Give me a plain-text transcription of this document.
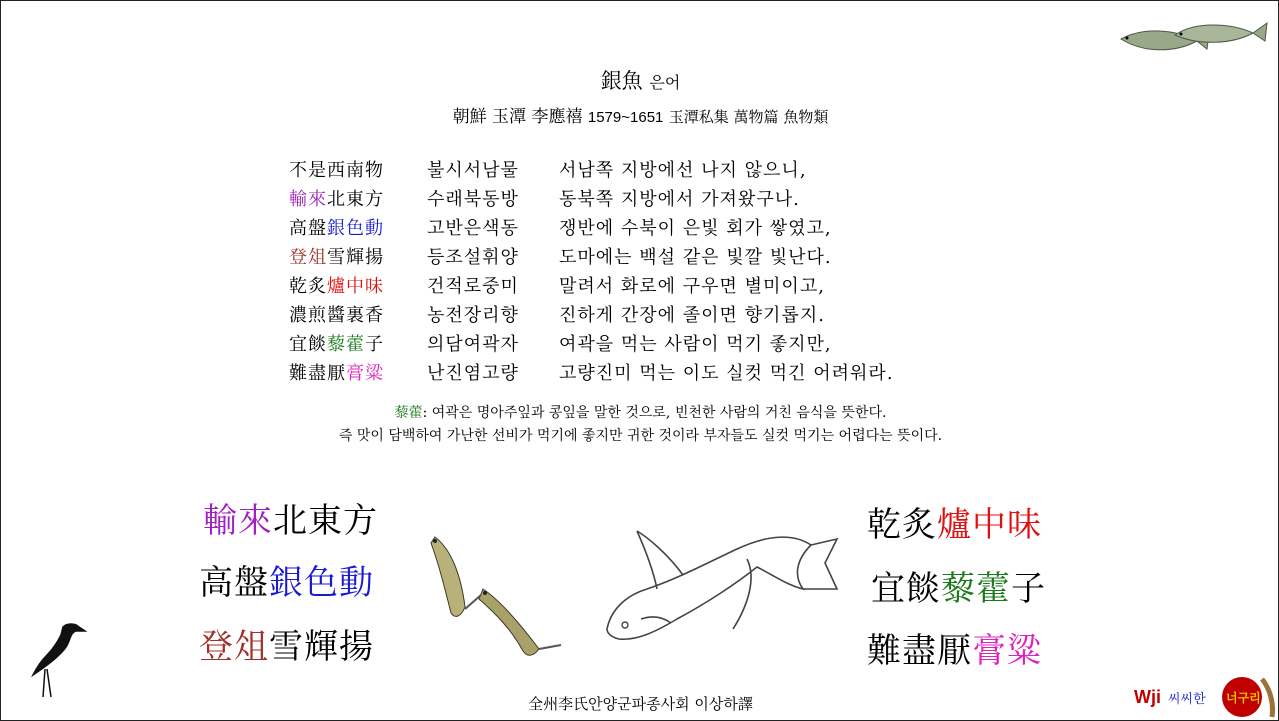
銀魚 은어
朝鮮 玉潭 李應禧 1579~1651 玉潭私集 萬物篇 魚物類
不是西南物 불시서남물 서남쪽 지방에선 나지 않으니,
輸來北東方 수래북동방 동북쪽 지방에서 가져왔구나.
高盤銀色動 고반은색동 쟁반에 수북이 은빛 회가 쌓였고,
登俎雪輝揚 등조설휘양 도마에는 백설 같은 빛깔 빛난다.
乾炙爐中味 건적로중미 말려서 화로에 구우면 별미이고,
濃煎醬裏香 농전장리향 진하게 간장에 졸이면 향기롭지.
宜餤藜藿子 의담여곽자 여곽을 먹는 사람이 먹기 좋지만,
難盡厭膏粱 난진염고량 고량진미 먹는 이도 실컷 먹긴 어려워라.
藜藿: 여곽은 명아주잎과 콩잎을 말한 것으로, 빈천한 사람의 거친 음식을 뜻한다.
즉 맛이 담백하여 가난한 선비가 먹기에 좋지만 귀한 것이라 부자들도 실컷 먹기는 어렵다는 뜻이다.
輸來北東方
高盤銀色動
登俎雪輝揚
乾炙爐中味
宜餤藜藿子
難盡厭膏粱
全州李氏안양군파종사회 이상하譯	Wji 씨씨한 너구리
